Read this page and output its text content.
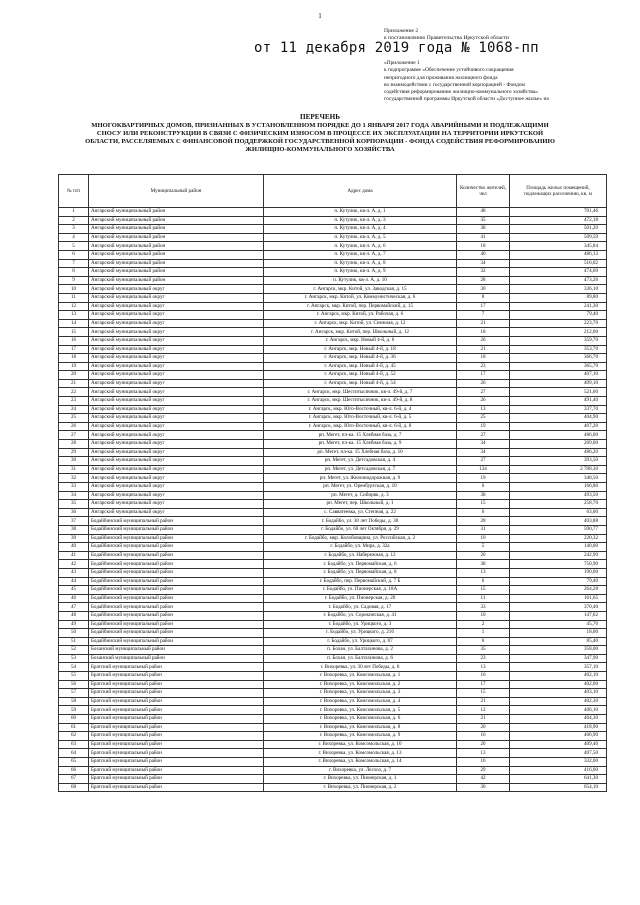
1
Приложение 2
к постановлению Правительства Иркутской области
от 11 декабря 2019 года № 1068-пп
«Приложение 1
к подпрограмме «Обеспечение устойчивого сокращения
непригодного для проживания жилищного фонда
во взаимодействии с государственной корпорацией - Фондом
содействия реформированию жилищно-коммунального хозяйства»
государственной программы Иркутской области «Доступное жилье» на
ПЕРЕЧЕНЬ
МНОГОКВАРТИРНЫХ ДОМОВ, ПРИЗНАННЫХ В УСТАНОВЛЕННОМ ПОРЯДКЕ ДО 1 ЯНВАРЯ 2017 ГОДА АВАРИЙНЫМИ И ПОДЛЕЖАЩИМИ
СНОСУ ИЛИ РЕКОНСТРУКЦИИ В СВЯЗИ С ФИЗИЧЕСКИМ ИЗНОСОМ В ПРОЦЕССЕ ИХ ЭКСПЛУАТАЦИИ НА ТЕРРИТОРИИ ИРКУТСКОЙ
ОБЛАСТИ, РАССЕЛЯЕМЫХ С ФИНАНСОВОЙ ПОДДЕРЖКОЙ ГОСУДАРСТВЕННОЙ КОРПОРАЦИИ - ФОНДА СОДЕЙСТВИЯ РЕФОРМИРОВАНИЮ
ЖИЛИЩНО-КОММУНАЛЬНОГО ХОЗЯЙСТВА
№ п/п	Муниципальный район	Адрес дома	Количество жителей, чел	Площадь жилых помещений, подлежащих расселению, кв. м
1	Ангарский муниципальный район	п. Кутулик, кв-л. А, д. 1	48	701,46
2	Ангарский муниципальный район	п. Кутулик, кв-л. А, д. 3	35	472,18
3	Ангарский муниципальный район	п. Кутулик, кв-л. А, д. 4	38	501,20
4	Ангарский муниципальный район	п. Кутулик, кв-л. А, д. 5	41	509,59
5	Ангарский муниципальный район	п. Кутулик, кв-л. А, д. 6	18	345,84
6	Ангарский муниципальный район	п. Кутулик, кв-л. А, д. 7	40	486,13
7	Ангарский муниципальный район	п. Кутулик, кв-л. А, д. 8	34	516,02
8	Ангарский муниципальный район	п. Кутулик, кв-л. А, д. 9	32	474,69
9	Ангарский муниципальный район	п. Кутулик, кв-л. А, д. 10	28	473,26
10	Ангарский муниципальный округ	г. Ангарск, мкр. Китой, ул. Заводская, д. 15	30	336,10
11	Ангарский муниципальный округ	г. Ангарск, мкр. Китой, ул. Коммунистическая, д. 6	8	89,80
12	Ангарский муниципальный округ	г. Ангарск, мкр. Китой, пер. Первомайский, д. 15	17	241,30
13	Ангарский муниципальный округ	г. Ангарск, мкр. Китой, ул. Рабочая, д. 6	7	79,40
14	Ангарский муниципальный округ	г. Ангарск, мкр. Китой, ул. Снежная, д. 12	21	223,70
15	Ангарский муниципальный округ	г. Ангарск, мкр. Китой, пер. Школьный, д. 12	18	212,00
16	Ангарский муниципальный округ	г. Ангарск, мкр. Новый 4-й, д. 6	26	359,70
17	Ангарский муниципальный округ	г. Ангарск, мкр. Новый 4-й, д. 18	21	353,70
18	Ангарский муниципальный округ	г. Ангарск, мкр. Новый 4-й, д. 36	18	366,70
19	Ангарский муниципальный округ	г. Ангарск, мкр. Новый 4-й, д. 45	23	365,70
20	Ангарский муниципальный округ	г. Ангарск, мкр. Новый 4-й, д. 52	17	407,10
21	Ангарский муниципальный округ	г. Ангарск, мкр. Новый 4-й, д. 54	26	409,10
22	Ангарский муниципальный округ	г. Ангарск, мкр. Шеститысячник, кв-л. 49-й, д. 7	27	521,60
23	Ангарский муниципальный округ	г. Ангарск, мкр. Шеститысячник, кв-л. 49-й, д. 8	26	491,40
24	Ангарский муниципальный округ	г. Ангарск, мкр. Юго-Восточный, кв-л. 6-й, д. 4	13	337,70
25	Ангарский муниципальный округ	г. Ангарск, мкр. Юго-Восточный, кв-л. 6-й, д. 5	25	404,90
26	Ангарский муниципальный округ	г. Ангарск, мкр. Юго-Восточный, кв-л. 6-й, д. 8	19	407,20
27	Ангарский муниципальный округ	рп. Мегет, пл-ка. 15 Хлебная база, д. 7	27	486,00
28	Ангарский муниципальный округ	рп. Мегет, пл-ка. 15 Хлебная база, д. 9	34	269,00
29	Ангарский муниципальный округ	рп. Мегет, пл-ка. 15 Хлебная база, д. 10	34	486,20
30	Ангарский муниципальный округ	рп. Мегет, ул. Детсадовская, д. 4	27	393,50
31	Ангарский муниципальный округ	рп. Мегет, ул. Детсадовская, д. 7	134	2 708,30
32	Ангарский муниципальный округ	рп. Мегет, ул. Железнодорожная, д. 9	19	348,50
33	Ангарский муниципальный округ	рп. Мегет, ул. Оренбургская, д. 10	6	166,80
34	Ангарский муниципальный округ	рп. Мегет, д. Сибиряк, д. 3	38	493,50
35	Ангарский муниципальный округ	рп. Мегет, пер. Школьный, д. 1	15	258,70
36	Ангарский муниципальный округ	с. Савватеевка, ул. Степная, д. 22	6	63,00
37	Бодайбинский муниципальный район	г. Бодайбо, ул. 30 лет Победы, д. 38	28	403,88
38	Бодайбинский муниципальный район	г. Бодайбо, ул. 60 лет Октября, д. 29	31	590,77
39	Бодайбинский муниципальный район	г. Бодайбо, мкр. Колобовщина, ул. Российская, д. 2	10	220,32
40	Бодайбинский муниципальный район	г. Бодайбо, ул. Мира, д. 32а	5	140,00
41	Бодайбинский муниципальный район	г. Бодайбо, ул. Набережная, д. 12	20	242,90
42	Бодайбинский муниципальный район	г. Бодайбо, ул. Первомайская, д. 6	38	750,90
43	Бодайбинский муниципальный район	г. Бодайбо, ул. Первомайская, д. 8	13	190,00
44	Бодайбинский муниципальный район	г. Бодайбо, пер. Первомайский, д. 7 Б	6	79,40
45	Бодайбинский муниципальный район	г. Бодайбо, ул. Пионерская, д. 18А	15	264,28
46	Бодайбинский муниципальный район	г. Бодайбо, ул. Пионерская, д. 20	11	161,65
47	Бодайбинский муниципальный район	г. Бодайбо, ул. Садовая, д. 17	33	370,40
48	Бодайбинский муниципальный район	г. Бодайбо, ул. Сорокинская, д. 41	10	147,62
49	Бодайбинский муниципальный район	г. Бодайбо, ул. Урицкого, д. 3	2	45,70
50	Бодайбинский муниципальный район	г. Бодайбо, ул. Урицкого, д. 216	1	18,00
51	Бодайбинский муниципальный район	г. Бодайбо, ул. Урицкого, д. 87	6	85,40
52	Боханский муниципальный район	п. Бохан, ул. Балтахинова, д. 2	35	358,00
53	Боханский муниципальный район	п. Бохан, ул. Балтахинова, д. 6	23	347,90
54	Братский муниципальный район	г. Вихоревка, ул. 30 лет Победы, д. 8	13	357,10
55	Братский муниципальный район	г. Вихоревка, ул. Комсомольская, д. 1	16	402,10
56	Братский муниципальный район	г. Вихоревка, ул. Комсомольская, д. 2	17	402,00
57	Братский муниципальный район	г. Вихоревка, ул. Комсомольская, д. 3	15	403,10
58	Братский муниципальный район	г. Вихоревка, ул. Комсомольская, д. 4	21	402,30
59	Братский муниципальный район	г. Вихоревка, ул. Комсомольская, д. 5	12	406,10
60	Братский муниципальный район	г. Вихоревка, ул. Комсомольская, д. 6	21	404,30
61	Братский муниципальный район	г. Вихоревка, ул. Комсомольская, д. 8	20	418,90
62	Братский муниципальный район	г. Вихоревка, ул. Комсомольская, д. 9	16	406,90
63	Братский муниципальный район	г. Вихоревка, ул. Комсомольская, д. 10	20	409,40
64	Братский муниципальный район	г. Вихоревка, ул. Комсомольская, д. 13	13	407,50
65	Братский муниципальный район	г. Вихоревка, ул. Комсомольская, д. 14	16	332,00
66	Братский муниципальный район	г. Вихоревка, ул. Лесхоз, д. 7	29	416,00
67	Братский муниципальный район	г. Вихоревка, ул. Пионерская, д. 1	42	641,30
68	Братский муниципальный район	г. Вихоревка, ул. Пионерская, д. 2	30	654,10
